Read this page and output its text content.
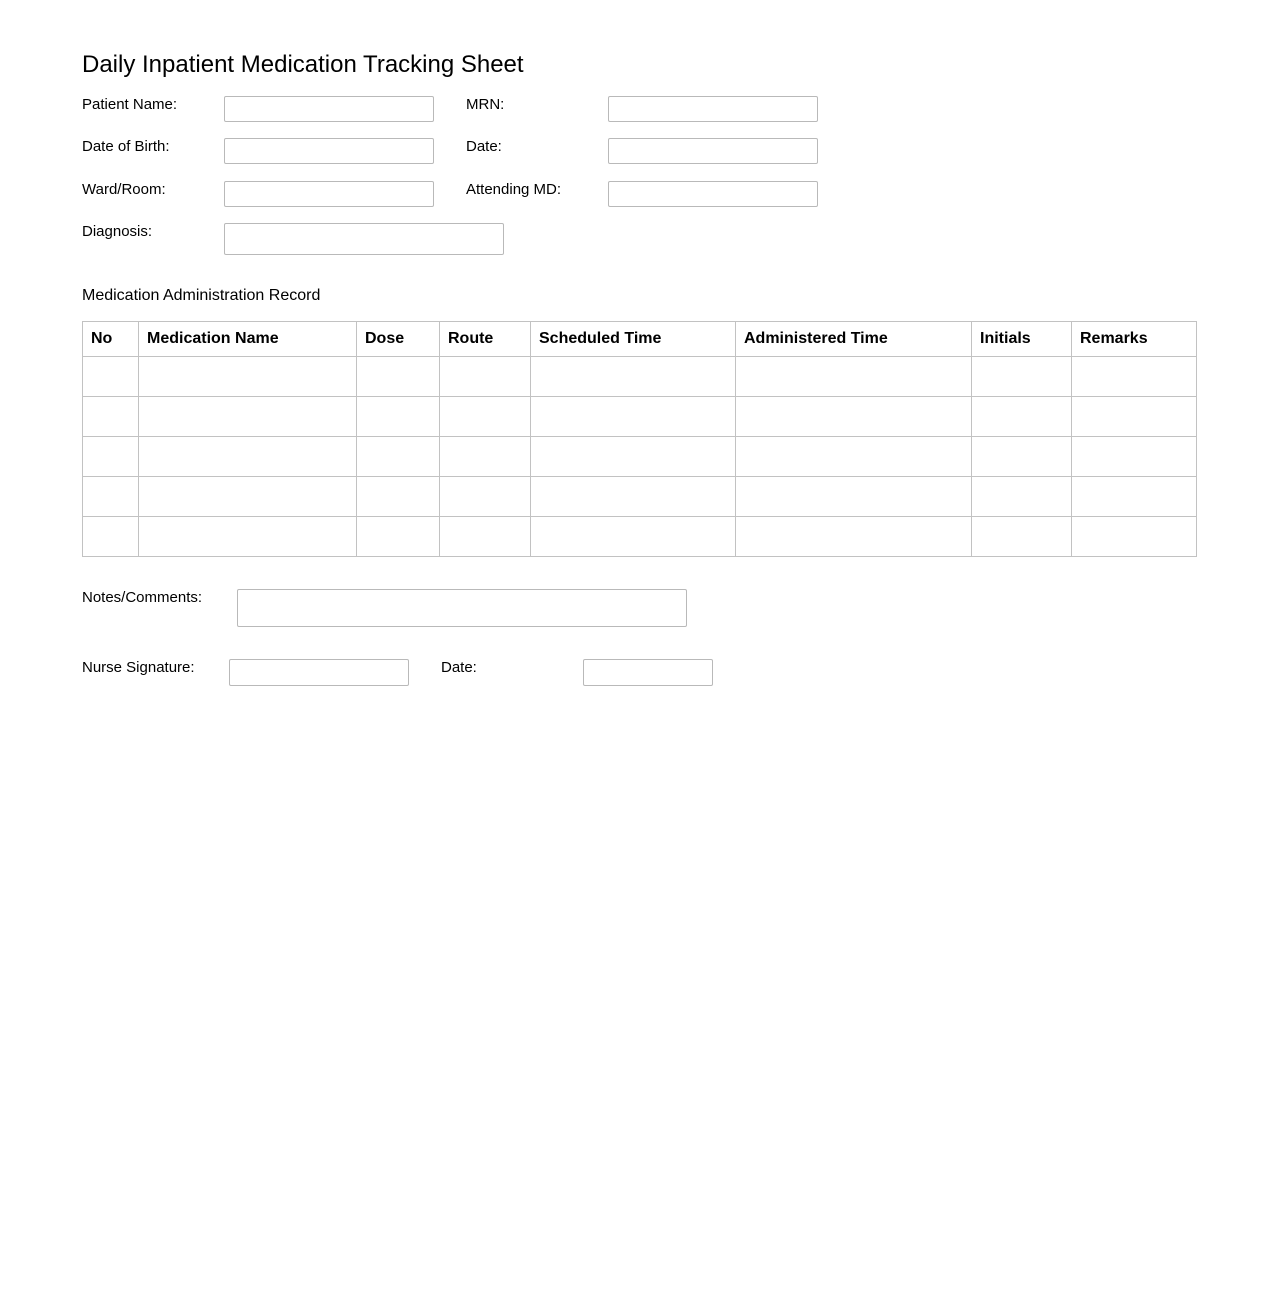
Daily Inpatient Medication Tracking Sheet
Patient Name:	MRN:
Date of Birth:	Date:
Ward/Room:	Attending MD:
Diagnosis:
Medication Administration Record
No	Medication Name	Dose	Route	Scheduled Time	Administered Time	Initials	Remarks

Notes/Comments:
Nurse Signature:	Date:
